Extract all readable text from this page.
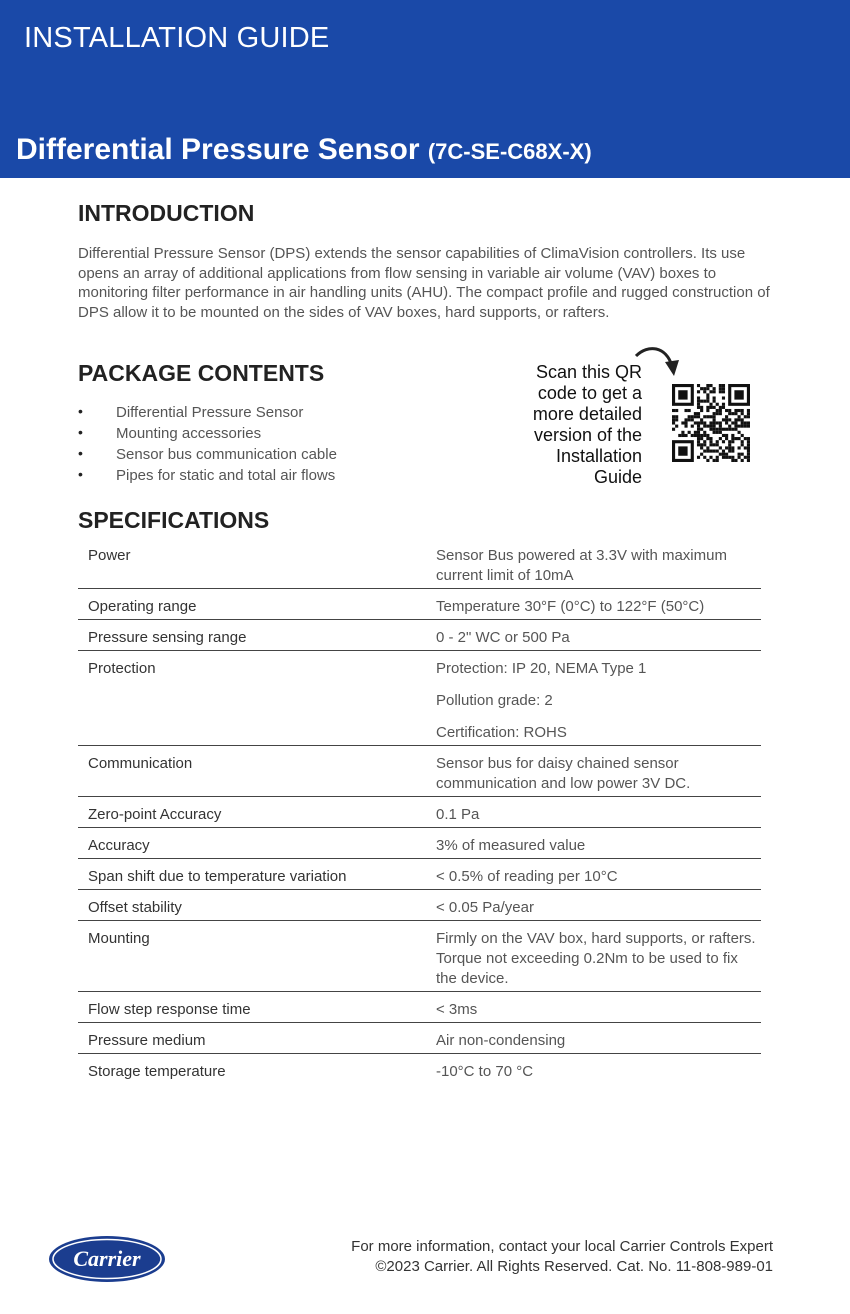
INSTALLATION GUIDE
Differential Pressure Sensor (7C-SE-C68X-X)
INTRODUCTION
Differential Pressure Sensor (DPS) extends the sensor capabilities of ClimaVision controllers. Its use opens an array of additional applications from flow sensing in variable air volume (VAV) boxes to monitoring filter performance in air handling units (AHU). The compact profile and rugged construction of DPS allow it to be mounted on the sides of VAV boxes, hard supports, or rafters.
PACKAGE CONTENTS
• Differential Pressure Sensor
• Mounting accessories
• Sensor bus communication cable
• Pipes for static and total air flows
Scan this QR
code to get a
more detailed
version of the
Installation
Guide
SPECIFICATIONS
Power	Sensor Bus powered at 3.3V with maximum current limit of 10mA

Operating range	Temperature 30°F (0°C) to 122°F (50°C)

Pressure sensing range	0 - 2" WC or 500 Pa

Protection	Protection: IP 20, NEMA Type 1
Pollution grade: 2
Certification: ROHS

Communication	Sensor bus for daisy chained sensor communication and low power 3V DC.

Zero-point Accuracy	0.1 Pa

Accuracy	3% of measured value

Span shift due to temperature variation	< 0.5% of reading per 10°C

Offset stability	< 0.05 Pa/year

Mounting	Firmly on the VAV box, hard supports, or rafters. Torque not exceeding 0.2Nm to be used to fix the device.

Flow step response time	< 3ms

Pressure medium	Air non-condensing

Storage temperature	-10°C to 70 °C
Carrier	For more information, contact your local Carrier Controls Expert
©2023 Carrier. All Rights Reserved. Cat. No. 11-808-989-01
